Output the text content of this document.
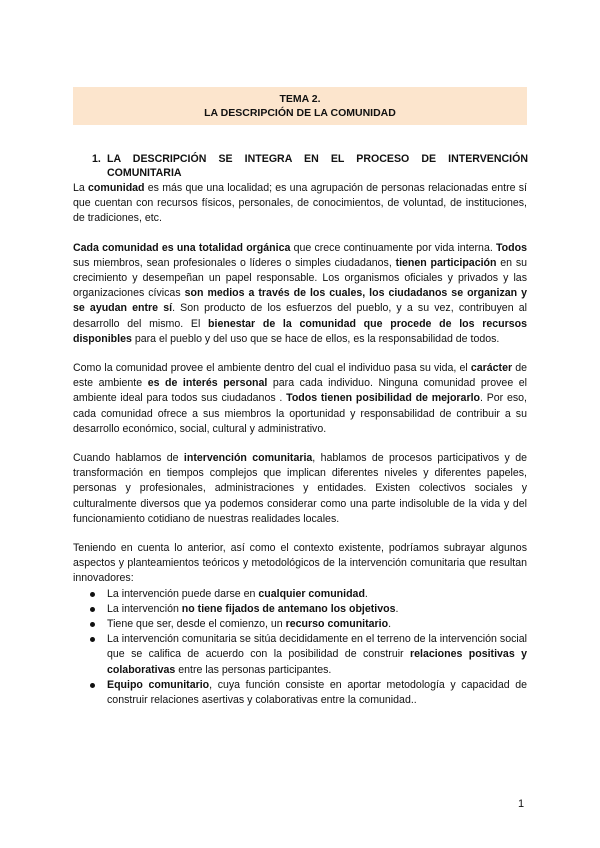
TEMA 2.
LA DESCRIPCIÓN DE LA COMUNIDAD
1. LA DESCRIPCIÓN SE INTEGRA EN EL PROCESO DE INTERVENCIÓN
COMUNITARIA

La comunidad es más que una localidad; es una agrupación de personas relacionadas entre sí que cuentan con recursos físicos, personales, de conocimientos, de voluntad, de instituciones, de tradiciones, etc.

Cada comunidad es una totalidad orgánica que crece continuamente por vida interna. Todos sus miembros, sean profesionales o líderes o simples ciudadanos, tienen participación en su crecimiento y desempeñan un papel responsable. Los organismos oficiales y privados y las organizaciones cívicas son medios a través de los cuales, los ciudadanos se organizan y se ayudan entre sí. Son producto de los esfuerzos del pueblo, y a su vez, contribuyen al desarrollo del mismo. El bienestar de la comunidad que procede de los recursos disponibles para el pueblo y del uso que se hace de ellos, es la responsabilidad de todos.

Como la comunidad provee el ambiente dentro del cual el individuo pasa su vida, el carácter de este ambiente es de interés personal para cada individuo. Ninguna comunidad provee el ambiente ideal para todos sus ciudadanos . Todos tienen posibilidad de mejorarlo. Por eso, cada comunidad ofrece a sus miembros la oportunidad y responsabilidad de contribuir a su desarrollo económico, social, cultural y administrativo.

Cuando hablamos de intervención comunitaria, hablamos de procesos participativos y de transformación en tiempos complejos que implican diferentes niveles y diferentes papeles, personas y profesionales, administraciones y entidades. Existen colectivos sociales y culturalmente diversos que ya podemos considerar como una parte indisoluble de la vida y del funcionamiento cotidiano de nuestras realidades locales.

Teniendo en cuenta lo anterior, así como el contexto existente, podríamos subrayar algunos aspectos y planteamientos teóricos y metodológicos de la intervención comunitaria que resultan innovadores:

La intervención puede darse en cualquier comunidad.
La intervención no tiene fijados de antemano los objetivos.
Tiene que ser, desde el comienzo, un recurso comunitario.
La intervención comunitaria se sitúa decididamente en el terreno de la intervención social que se califica de acuerdo con la posibilidad de construir relaciones positivas y colaborativas entre las personas participantes.
Equipo comunitario, cuya función consiste en aportar metodología y capacidad de construir relaciones asertivas y colaborativas entre la comunidad..
1
